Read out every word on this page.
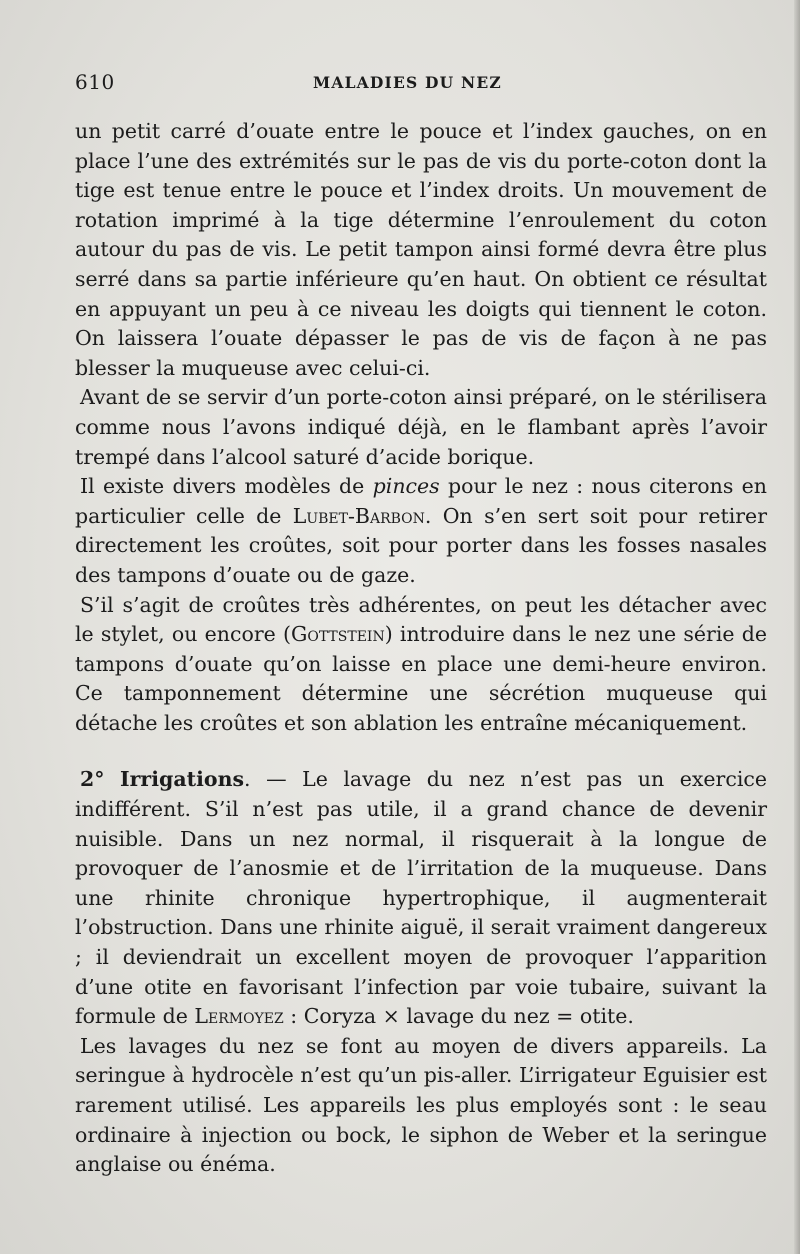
610	MALADIES DU NEZ

un petit carré d’ouate entre le pouce et l’index gauches, on en place l’une des extrémités sur le pas de vis du porte-coton dont la tige est tenue entre le pouce et l’index droits. Un mouvement de rotation imprimé à la tige détermine l’enroulement du coton autour du pas de vis. Le petit tampon ainsi formé devra être plus serré dans sa partie inférieure qu’en haut. On obtient ce résultat en appuyant un peu à ce niveau les doigts qui tiennent le coton. On laissera l’ouate dépasser le pas de vis de façon à ne pas blesser la muqueuse avec celui-ci.

Avant de se servir d’un porte-coton ainsi préparé, on le stérilisera comme nous l’avons indiqué déjà, en le flambant après l’avoir trempé dans l’alcool saturé d’acide borique.

Il existe divers modèles de pinces pour le nez : nous citerons en particulier celle de Lubet-Barbon. On s’en sert soit pour retirer directement les croûtes, soit pour porter dans les fosses nasales des tampons d’ouate ou de gaze.

S’il s’agit de croûtes très adhérentes, on peut les détacher avec le stylet, ou encore (Gottstein) introduire dans le nez une série de tampons d’ouate qu’on laisse en place une demi-heure environ. Ce tamponnement détermine une sécrétion muqueuse qui détache les croûtes et son ablation les entraîne mécaniquement.

2° Irrigations. — Le lavage du nez n’est pas un exercice indifférent. S’il n’est pas utile, il a grand chance de devenir nuisible. Dans un nez normal, il risquerait à la longue de provoquer de l’anosmie et de l’irritation de la muqueuse. Dans une rhinite chronique hypertrophique, il augmenterait l’obstruction. Dans une rhinite aiguë, il serait vraiment dangereux ; il deviendrait un excellent moyen de provoquer l’apparition d’une otite en favorisant l’infection par voie tubaire, suivant la formule de Lermoyez : Coryza × lavage du nez = otite.

Les lavages du nez se font au moyen de divers appareils. La seringue à hydrocèle n’est qu’un pis-aller. L’irrigateur Eguisier est rarement utilisé. Les appareils les plus employés sont : le seau ordinaire à injection ou bock, le siphon de Weber et la seringue anglaise ou énéma.
